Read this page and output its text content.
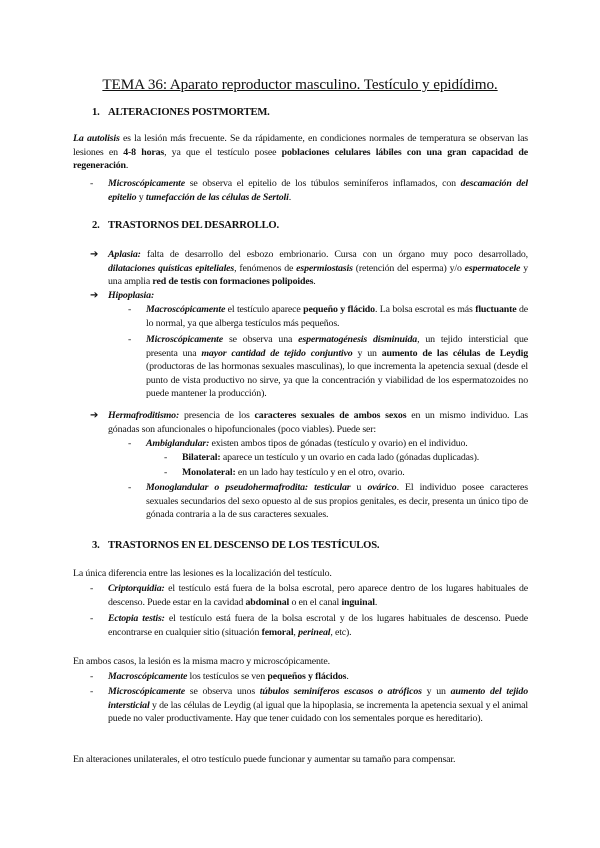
TEMA 36: Aparato reproductor masculino. Testículo y epidídimo.
1. ALTERACIONES POSTMORTEM.
La autolisis es la lesión más frecuente. Se da rápidamente, en condiciones normales de temperatura se observan las lesiones en 4-8 horas, ya que el testículo posee poblaciones celulares lábiles con una gran capacidad de regeneración.
- Microscópicamente se observa el epitelio de los túbulos seminíferos inflamados, con descamación del epitelio y tumefacción de las células de Sertoli.
2. TRASTORNOS DEL DESARROLLO.
➔ Aplasia: falta de desarrollo del esbozo embrionario. Cursa con un órgano muy poco desarrollado, dilataciones quísticas epiteliales, fenómenos de espermiostasis (retención del esperma) y/o espermatocele y una amplia red de testis con formaciones polipoides.
➔ Hipoplasia:
- Macroscópicamente el testículo aparece pequeño y flácido. La bolsa escrotal es más fluctuante de lo normal, ya que alberga testículos más pequeños.
- Microscópicamente se observa una espermatogénesis disminuida, un tejido intersticial que presenta una mayor cantidad de tejido conjuntivo y un aumento de las células de Leydig (productoras de las hormonas sexuales masculinas), lo que incrementa la apetencia sexual (desde el punto de vista productivo no sirve, ya que la concentración y viabilidad de los espermatozoides no puede mantener la producción).
➔ Hermafroditismo: presencia de los caracteres sexuales de ambos sexos en un mismo individuo. Las gónadas son afuncionales o hipofuncionales (poco viables). Puede ser:
- Ambiglandular: existen ambos tipos de gónadas (testículo y ovario) en el individuo.
- Bilateral: aparece un testículo y un ovario en cada lado (gónadas duplicadas).
- Monolateral: en un lado hay testículo y en el otro, ovario.
- Monoglandular o pseudohermafrodita: testicular u ovárico. El individuo posee caracteres sexuales secundarios del sexo opuesto al de sus propios genitales, es decir, presenta un único tipo de gónada contraria a la de sus caracteres sexuales.
3. TRASTORNOS EN EL DESCENSO DE LOS TESTÍCULOS.
La única diferencia entre las lesiones es la localización del testículo.
- Criptorquidia: el testículo está fuera de la bolsa escrotal, pero aparece dentro de los lugares habituales de descenso. Puede estar en la cavidad abdominal o en el canal inguinal.
- Ectopia testis: el testículo está fuera de la bolsa escrotal y de los lugares habituales de descenso. Puede encontrarse en cualquier sitio (situación femoral, perineal, etc).
En ambos casos, la lesión es la misma macro y microscópicamente.
- Macroscópicamente los testículos se ven pequeños y flácidos.
- Microscópicamente se observa unos túbulos seminíferos escasos o atróficos y un aumento del tejido intersticial y de las células de Leydig (al igual que la hipoplasia, se incrementa la apetencia sexual y el animal puede no valer productivamente. Hay que tener cuidado con los sementales porque es hereditario).
En alteraciones unilaterales, el otro testículo puede funcionar y aumentar su tamaño para compensar.
